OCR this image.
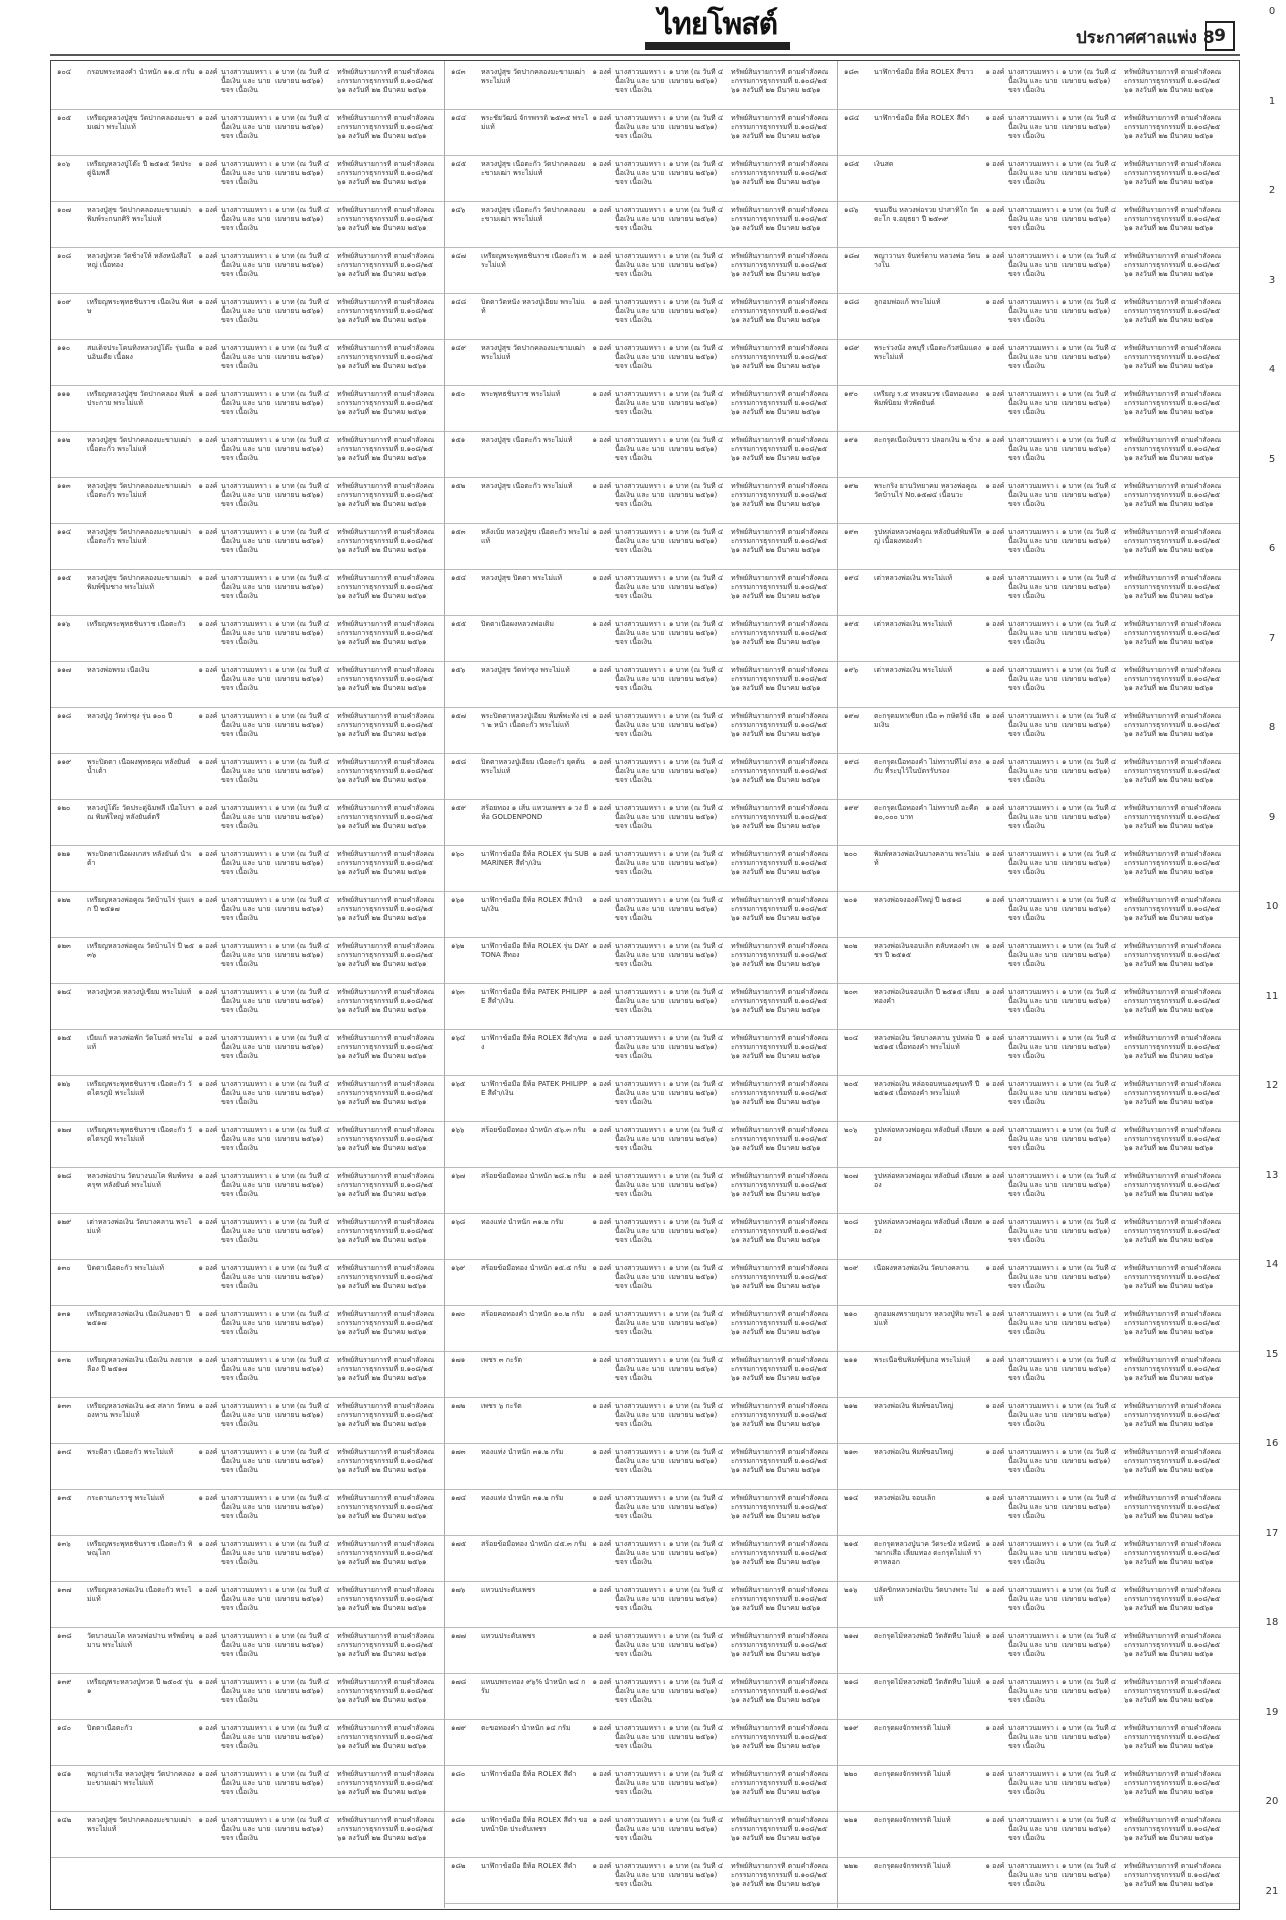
ไทยโพสต์	ประกาศศาลแพ่ง 8 9
0
1
2
3
4
5
6
7
8
9
10
11
12
13
14
15
16
17
18
19
20
21
๑๐๔	กรอบพระทองคำ น้ำหนัก ๑๑.๕ กรัม ๑ องค์ นางสาวนมหรา เนื้อเงิน และ นายขจร เนื้อเงิน
๑ บาท (ณ วันที่ ๔ เมษายน ๒๕๖๑)
ทรัพย์สินรายการที่ ตามคำสั่งคณะกรรมการธุรกรรมที่ ย.๑๐๘/๒๕๖๑ ลงวันที่ ๒๒ มีนาคม ๒๕๖๑
๑๐๕	เหรียญหลวงปู่สุข วัดปากคลองมะขามเฒ่า พระไม่แท้
๑ องค์ นางสาวนมหรา เนื้อเงิน และ นายขจร เนื้อเงิน
๑ บาท (ณ วันที่ ๔ เมษายน ๒๕๖๑)
ทรัพย์สินรายการที่ ตามคำสั่งคณะกรรมการธุรกรรมที่ ย.๑๐๘/๒๕๖๑ ลงวันที่ ๒๒ มีนาคม ๒๕๖๑
๑๐๖	เหรียญหลวงปู่โต๊ะ ปี ๒๕๑๕ วัดประดู่ฉิมพลี
๑ องค์ นางสาวนมหรา เนื้อเงิน และ นายขจร เนื้อเงิน
๑ บาท (ณ วันที่ ๔ เมษายน ๒๕๖๑)
ทรัพย์สินรายการที่ ตามคำสั่งคณะกรรมการธุรกรรมที่ ย.๑๐๘/๒๕๖๑ ลงวันที่ ๒๒ มีนาคม ๒๕๖๑
๑๐๗	หลวงปู่สุข วัดปากคลองมะขามเฒ่า พิมพ์ระกนกศิริ พระไม่แท้
๑ องค์ นางสาวนมหรา เนื้อเงิน และ นายขจร เนื้อเงิน
๑ บาท (ณ วันที่ ๔ เมษายน ๒๕๖๑)
ทรัพย์สินรายการที่ ตามคำสั่งคณะกรรมการธุรกรรมที่ ย.๑๐๘/๒๕๖๑ ลงวันที่ ๒๒ มีนาคม ๒๕๖๑
๑๐๘	หลวงปู่ทวด วัดช้างให้ หลังหนังสือใหญ่ เนื้อทอง
๑ องค์ นางสาวนมหรา เนื้อเงิน และ นายขจร เนื้อเงิน
๑ บาท (ณ วันที่ ๔ เมษายน ๒๕๖๑)
ทรัพย์สินรายการที่ ตามคำสั่งคณะกรรมการธุรกรรมที่ ย.๑๐๘/๒๕๖๑ ลงวันที่ ๒๒ มีนาคม ๒๕๖๑
๑๐๙	เหรียญพระพุทธชินราช เนื้อเงิน พิเศษ
๑ องค์ นางสาวนมหรา เนื้อเงิน และ นายขจร เนื้อเงิน
๑ บาท (ณ วันที่ ๔ เมษายน ๒๕๖๑)
ทรัพย์สินรายการที่ ตามคำสั่งคณะกรรมการธุรกรรมที่ ย.๑๐๘/๒๕๖๑ ลงวันที่ ๒๒ มีนาคม ๒๕๖๑
๑๑๐	สมเด็จประโคนทิ้งหลวงปู่โต๊ะ รุ่นเยือนอินเดีย เนื้อผง
๑ องค์ นางสาวนมหรา เนื้อเงิน และ นายขจร เนื้อเงิน
๑ บาท (ณ วันที่ ๔ เมษายน ๒๕๖๑)
ทรัพย์สินรายการที่ ตามคำสั่งคณะกรรมการธุรกรรมที่ ย.๑๐๘/๒๕๖๑ ลงวันที่ ๒๒ มีนาคม ๒๕๖๑
๑๑๑	เหรียญหลวงปู่สุข วัดปากคลอง พิมพ์ประกาย พระไม่แท้
๑ องค์ นางสาวนมหรา เนื้อเงิน และ นายขจร เนื้อเงิน
๑ บาท (ณ วันที่ ๔ เมษายน ๒๕๖๑)
ทรัพย์สินรายการที่ ตามคำสั่งคณะกรรมการธุรกรรมที่ ย.๑๐๘/๒๕๖๑ ลงวันที่ ๒๒ มีนาคม ๒๕๖๑
๑๑๒	หลวงปู่สุข วัดปากคลองมะขามเฒ่า เนื้อตะกั่ว พระไม่แท้
๑ องค์ นางสาวนมหรา เนื้อเงิน และ นายขจร เนื้อเงิน
๑ บาท (ณ วันที่ ๔ เมษายน ๒๕๖๑)
ทรัพย์สินรายการที่ ตามคำสั่งคณะกรรมการธุรกรรมที่ ย.๑๐๘/๒๕๖๑ ลงวันที่ ๒๒ มีนาคม ๒๕๖๑
๑๑๓	หลวงปู่สุข วัดปากคลองมะขามเฒ่า เนื้อตะกั่ว พระไม่แท้
๑ องค์ นางสาวนมหรา เนื้อเงิน และ นายขจร เนื้อเงิน
๑ บาท (ณ วันที่ ๔ เมษายน ๒๕๖๑)
ทรัพย์สินรายการที่ ตามคำสั่งคณะกรรมการธุรกรรมที่ ย.๑๐๘/๒๕๖๑ ลงวันที่ ๒๒ มีนาคม ๒๕๖๑
๑๑๔	หลวงปู่สุข วัดปากคลองมะขามเฒ่า เนื้อตะกั่ว พระไม่แท้
๑ องค์ นางสาวนมหรา เนื้อเงิน และ นายขจร เนื้อเงิน
๑ บาท (ณ วันที่ ๔ เมษายน ๒๕๖๑)
ทรัพย์สินรายการที่ ตามคำสั่งคณะกรรมการธุรกรรมที่ ย.๑๐๘/๒๕๖๑ ลงวันที่ ๒๒ มีนาคม ๒๕๖๑
๑๑๕	หลวงปู่สุข วัดปากคลองมะขามเฒ่า พิมพ์ซุ้มชาง พระไม่แท้
๑ องค์ นางสาวนมหรา เนื้อเงิน และ นายขจร เนื้อเงิน
๑ บาท (ณ วันที่ ๔ เมษายน ๒๕๖๑)
ทรัพย์สินรายการที่ ตามคำสั่งคณะกรรมการธุรกรรมที่ ย.๑๐๘/๒๕๖๑ ลงวันที่ ๒๒ มีนาคม ๒๕๖๑
๑๑๖	เหรียญพระพุทธชินราช เนื้อตะกั่ว	๑ องค์ นางสาวนมหรา เนื้อเงิน และ นายขจร เนื้อเงิน
๑ บาท (ณ วันที่ ๔ เมษายน ๒๕๖๑)
ทรัพย์สินรายการที่ ตามคำสั่งคณะกรรมการธุรกรรมที่ ย.๑๐๘/๒๕๖๑ ลงวันที่ ๒๒ มีนาคม ๒๕๖๑
๑๑๗	หลวงพ่อพรม เนื้อเงิน	๑ องค์ นางสาวนมหรา เนื้อเงิน และ นายขจร เนื้อเงิน
๑ บาท (ณ วันที่ ๔ เมษายน ๒๕๖๑)
ทรัพย์สินรายการที่ ตามคำสั่งคณะกรรมการธุรกรรมที่ ย.๑๐๘/๒๕๖๑ ลงวันที่ ๒๒ มีนาคม ๒๕๖๑
๑๑๘	หลวงปู่ภู วัดท่าซุง รุ่น ๑๐๐ ปี	๑ องค์ นางสาวนมหรา เนื้อเงิน และ นายขจร เนื้อเงิน
๑ บาท (ณ วันที่ ๔ เมษายน ๒๕๖๑)
ทรัพย์สินรายการที่ ตามคำสั่งคณะกรรมการธุรกรรมที่ ย.๑๐๘/๒๕๖๑ ลงวันที่ ๒๒ มีนาคม ๒๕๖๑
๑๑๙	พระปิดตา เนื้อผงพุทธคุณ หลังยันต์ น้ำเต้า
๑ องค์ นางสาวนมหรา เนื้อเงิน และ นายขจร เนื้อเงิน
๑ บาท (ณ วันที่ ๔ เมษายน ๒๕๖๑)
ทรัพย์สินรายการที่ ตามคำสั่งคณะกรรมการธุรกรรมที่ ย.๑๐๘/๒๕๖๑ ลงวันที่ ๒๒ มีนาคม ๒๕๖๑
๑๒๐	หลวงปู่โต๊ะ วัดประดู่ฉิมพลี เนื้อโบราณ พิมพ์ใหญ่ หลังยันต์ตรี
๑ องค์ นางสาวนมหรา เนื้อเงิน และ นายขจร เนื้อเงิน
๑ บาท (ณ วันที่ ๔ เมษายน ๒๕๖๑)
ทรัพย์สินรายการที่ ตามคำสั่งคณะกรรมการธุรกรรมที่ ย.๑๐๘/๒๕๖๑ ลงวันที่ ๒๒ มีนาคม ๒๕๖๑
๑๒๑	พระปิดตาเนื้อผงเกสร หลังยันต์ น้ำเต้า
๑ องค์ นางสาวนมหรา เนื้อเงิน และ นายขจร เนื้อเงิน
๑ บาท (ณ วันที่ ๔ เมษายน ๒๕๖๑)
ทรัพย์สินรายการที่ ตามคำสั่งคณะกรรมการธุรกรรมที่ ย.๑๐๘/๒๕๖๑ ลงวันที่ ๒๒ มีนาคม ๒๕๖๑
๑๒๒	เหรียญหลวงพ่อคูณ วัดบ้านไร่ รุ่นแรก ปี ๒๕๑๗
๑ องค์ นางสาวนมหรา เนื้อเงิน และ นายขจร เนื้อเงิน
๑ บาท (ณ วันที่ ๔ เมษายน ๒๕๖๑)
ทรัพย์สินรายการที่ ตามคำสั่งคณะกรรมการธุรกรรมที่ ย.๑๐๘/๒๕๖๑ ลงวันที่ ๒๒ มีนาคม ๒๕๖๑
๑๒๓	เหรียญหลวงพ่อคูณ วัดบ้านไร่ ปี ๒๕๓๖
๑ องค์ นางสาวนมหรา เนื้อเงิน และ นายขจร เนื้อเงิน
๑ บาท (ณ วันที่ ๔ เมษายน ๒๕๖๑)
ทรัพย์สินรายการที่ ตามคำสั่งคณะกรรมการธุรกรรมที่ ย.๑๐๘/๒๕๖๑ ลงวันที่ ๒๒ มีนาคม ๒๕๖๑
๑๒๔	หลวงปู่ทวด หลวงปู่เขียม พระไม่แท้	๑ องค์ นางสาวนมหรา เนื้อเงิน และ นายขจร เนื้อเงิน
๑ บาท (ณ วันที่ ๔ เมษายน ๒๕๖๑)
ทรัพย์สินรายการที่ ตามคำสั่งคณะกรรมการธุรกรรมที่ ย.๑๐๘/๒๕๖๑ ลงวันที่ ๒๒ มีนาคม ๒๕๖๑
๑๒๕	เบี้ยแก้ หลวงพ่อพัก วัดโบสถ์ พระไม่แท้
๑ องค์ นางสาวนมหรา เนื้อเงิน และ นายขจร เนื้อเงิน
๑ บาท (ณ วันที่ ๔ เมษายน ๒๕๖๑)
ทรัพย์สินรายการที่ ตามคำสั่งคณะกรรมการธุรกรรมที่ ย.๑๐๘/๒๕๖๑ ลงวันที่ ๒๒ มีนาคม ๒๕๖๑
๑๒๖	เหรียญพระพุทธชินราช เนื้อตะกั่ว วัดไตรภูมิ พระไม่แท้
๑ องค์ นางสาวนมหรา เนื้อเงิน และ นายขจร เนื้อเงิน
๑ บาท (ณ วันที่ ๔ เมษายน ๒๕๖๑)
ทรัพย์สินรายการที่ ตามคำสั่งคณะกรรมการธุรกรรมที่ ย.๑๐๘/๒๕๖๑ ลงวันที่ ๒๒ มีนาคม ๒๕๖๑
๑๒๗	เหรียญพระพุทธชินราช เนื้อตะกั่ว วัดไตรภูมิ พระไม่แท้
๑ องค์ นางสาวนมหรา เนื้อเงิน และ นายขจร เนื้อเงิน
๑ บาท (ณ วันที่ ๔ เมษายน ๒๕๖๑)
ทรัพย์สินรายการที่ ตามคำสั่งคณะกรรมการธุรกรรมที่ ย.๑๐๘/๒๕๖๑ ลงวันที่ ๒๒ มีนาคม ๒๕๖๑
๑๒๘	หลวงพ่อปาน วัดบางนมโค พิมพ์ทรงครุฑ หลังยันต์ พระไม่แท้
๑ องค์ นางสาวนมหรา เนื้อเงิน และ นายขจร เนื้อเงิน
๑ บาท (ณ วันที่ ๔ เมษายน ๒๕๖๑)
ทรัพย์สินรายการที่ ตามคำสั่งคณะกรรมการธุรกรรมที่ ย.๑๐๘/๒๕๖๑ ลงวันที่ ๒๒ มีนาคม ๒๕๖๑
๑๒๙	เต่าหลวงพ่อเงิน วัดบางคลาน พระไม่แท้
๑ องค์ นางสาวนมหรา เนื้อเงิน และ นายขจร เนื้อเงิน
๑ บาท (ณ วันที่ ๔ เมษายน ๒๕๖๑)
ทรัพย์สินรายการที่ ตามคำสั่งคณะกรรมการธุรกรรมที่ ย.๑๐๘/๒๕๖๑ ลงวันที่ ๒๒ มีนาคม ๒๕๖๑
๑๓๐	ปิดตาเนื้อตะกั่ว พระไม่แท้	๑ องค์ นางสาวนมหรา เนื้อเงิน และ นายขจร เนื้อเงิน
๑ บาท (ณ วันที่ ๔ เมษายน ๒๕๖๑)
ทรัพย์สินรายการที่ ตามคำสั่งคณะกรรมการธุรกรรมที่ ย.๑๐๘/๒๕๖๑ ลงวันที่ ๒๒ มีนาคม ๒๕๖๑
๑๓๑	เหรียญหลวงพ่อเงิน เนื้อเงินลงยา ปี ๒๕๑๗
๑ องค์ นางสาวนมหรา เนื้อเงิน และ นายขจร เนื้อเงิน
๑ บาท (ณ วันที่ ๔ เมษายน ๒๕๖๑)
ทรัพย์สินรายการที่ ตามคำสั่งคณะกรรมการธุรกรรมที่ ย.๑๐๘/๒๕๖๑ ลงวันที่ ๒๒ มีนาคม ๒๕๖๑
๑๓๒	เหรียญหลวงพ่อเงิน เนื้อเงิน ลงยาเหลือง ปี ๒๕๑๗
๑ องค์ นางสาวนมหรา เนื้อเงิน และ นายขจร เนื้อเงิน
๑ บาท (ณ วันที่ ๔ เมษายน ๒๕๖๑)
ทรัพย์สินรายการที่ ตามคำสั่งคณะกรรมการธุรกรรมที่ ย.๑๐๘/๒๕๖๑ ลงวันที่ ๒๒ มีนาคม ๒๕๖๑
๑๓๓	เหรียญหลวงพ่อเงิน ๑๕ สลาก วัดหนองหาน พระไม่แท้
๑ องค์ นางสาวนมหรา เนื้อเงิน และ นายขจร เนื้อเงิน
๑ บาท (ณ วันที่ ๔ เมษายน ๒๕๖๑)
ทรัพย์สินรายการที่ ตามคำสั่งคณะกรรมการธุรกรรมที่ ย.๑๐๘/๒๕๖๑ ลงวันที่ ๒๒ มีนาคม ๒๕๖๑
๑๓๔	พระผีลา เนื้อตะกั่ว พระไม่แท้	๑ องค์ นางสาวนมหรา เนื้อเงิน และ นายขจร เนื้อเงิน
๑ บาท (ณ วันที่ ๔ เมษายน ๒๕๖๑)
ทรัพย์สินรายการที่ ตามคำสั่งคณะกรรมการธุรกรรมที่ ย.๑๐๘/๒๕๖๑ ลงวันที่ ๒๒ มีนาคม ๒๕๖๑
๑๓๕	กระดานกะราชู พระไม่แท้	๑ องค์ นางสาวนมหรา เนื้อเงิน และ นายขจร เนื้อเงิน
๑ บาท (ณ วันที่ ๔ เมษายน ๒๕๖๑)
ทรัพย์สินรายการที่ ตามคำสั่งคณะกรรมการธุรกรรมที่ ย.๑๐๘/๒๕๖๑ ลงวันที่ ๒๒ มีนาคม ๒๕๖๑
๑๓๖	เหรียญพระพุทธชินราช เนื้อตะกั่ว พิษณุโลก
๑ องค์ นางสาวนมหรา เนื้อเงิน และ นายขจร เนื้อเงิน
๑ บาท (ณ วันที่ ๔ เมษายน ๒๕๖๑)
ทรัพย์สินรายการที่ ตามคำสั่งคณะกรรมการธุรกรรมที่ ย.๑๐๘/๒๕๖๑ ลงวันที่ ๒๒ มีนาคม ๒๕๖๑
๑๓๗	เหรียญหลวงพ่อเงิน เนื้อตะกั่ว พระไม่แท้
๑ องค์ นางสาวนมหรา เนื้อเงิน และ นายขจร เนื้อเงิน
๑ บาท (ณ วันที่ ๔ เมษายน ๒๕๖๑)
ทรัพย์สินรายการที่ ตามคำสั่งคณะกรรมการธุรกรรมที่ ย.๑๐๘/๒๕๖๑ ลงวันที่ ๒๒ มีนาคม ๒๕๖๑
๑๓๘	วัดบางนมโค หลวงพ่อปาน ทรัพย์หนุมาน พระไม่แท้
๑ องค์ นางสาวนมหรา เนื้อเงิน และ นายขจร เนื้อเงิน
๑ บาท (ณ วันที่ ๔ เมษายน ๒๕๖๑)
ทรัพย์สินรายการที่ ตามคำสั่งคณะกรรมการธุรกรรมที่ ย.๑๐๘/๒๕๖๑ ลงวันที่ ๒๒ มีนาคม ๒๕๖๑
๑๓๙	เหรียญพระหลวงปู่ทวด ปี ๒๕๐๕ รุ่น ๑
๑ องค์ นางสาวนมหรา เนื้อเงิน และ นายขจร เนื้อเงิน
๑ บาท (ณ วันที่ ๔ เมษายน ๒๕๖๑)
ทรัพย์สินรายการที่ ตามคำสั่งคณะกรรมการธุรกรรมที่ ย.๑๐๘/๒๕๖๑ ลงวันที่ ๒๒ มีนาคม ๒๕๖๑
๑๔๐	ปิดตาเนื้อตะกั่ว	๑ องค์ นางสาวนมหรา เนื้อเงิน และ นายขจร เนื้อเงิน
๑ บาท (ณ วันที่ ๔ เมษายน ๒๕๖๑)
ทรัพย์สินรายการที่ ตามคำสั่งคณะกรรมการธุรกรรมที่ ย.๑๐๘/๒๕๖๑ ลงวันที่ ๒๒ มีนาคม ๒๕๖๑
๑๔๑	พญาเต่าเรือ หลวงปู่สุข วัดปากคลองมะขามเฒ่า พระไม่แท้
๑ องค์ นางสาวนมหรา เนื้อเงิน และ นายขจร เนื้อเงิน
๑ บาท (ณ วันที่ ๔ เมษายน ๒๕๖๑)
ทรัพย์สินรายการที่ ตามคำสั่งคณะกรรมการธุรกรรมที่ ย.๑๐๘/๒๕๖๑ ลงวันที่ ๒๒ มีนาคม ๒๕๖๑
๑๔๒	หลวงปู่สุข วัดปากคลองมะขามเฒ่า พระไม่แท้
๑ องค์ นางสาวนมหรา เนื้อเงิน และ นายขจร เนื้อเงิน
๑ บาท (ณ วันที่ ๔ เมษายน ๒๕๖๑)
ทรัพย์สินรายการที่ ตามคำสั่งคณะกรรมการธุรกรรมที่ ย.๑๐๘/๒๕๖๑ ลงวันที่ ๒๒ มีนาคม ๒๕๖๑
๑๔๓	หลวงปู่สุข วัดปากคลองมะขามเฒ่า พระไม่แท้
๑ องค์ นางสาวนมหรา เนื้อเงิน และ นายขจร เนื้อเงิน
๑ บาท (ณ วันที่ ๔ เมษายน ๒๕๖๑)
ทรัพย์สินรายการที่ ตามคำสั่งคณะกรรมการธุรกรรมที่ ย.๑๐๘/๒๕๖๑ ลงวันที่ ๒๒ มีนาคม ๒๕๖๑
๑๔๔	พระชัยวัฒน์ จักรพรรดิ ๒๕๓๕ พระไม่แท้
๑ องค์ นางสาวนมหรา เนื้อเงิน และ นายขจร เนื้อเงิน
๑ บาท (ณ วันที่ ๔ เมษายน ๒๕๖๑)
ทรัพย์สินรายการที่ ตามคำสั่งคณะกรรมการธุรกรรมที่ ย.๑๐๘/๒๕๖๑ ลงวันที่ ๒๒ มีนาคม ๒๕๖๑
๑๔๕	หลวงปู่สุข เนื้อตะกั่ว วัดปากคลองมะขามเฒ่า พระไม่แท้
๑ องค์ นางสาวนมหรา เนื้อเงิน และ นายขจร เนื้อเงิน
๑ บาท (ณ วันที่ ๔ เมษายน ๒๕๖๑)
ทรัพย์สินรายการที่ ตามคำสั่งคณะกรรมการธุรกรรมที่ ย.๑๐๘/๒๕๖๑ ลงวันที่ ๒๒ มีนาคม ๒๕๖๑
๑๔๖	หลวงปู่สุข เนื้อตะกั่ว วัดปากคลองมะขามเฒ่า พระไม่แท้
๑ องค์ นางสาวนมหรา เนื้อเงิน และ นายขจร เนื้อเงิน
๑ บาท (ณ วันที่ ๔ เมษายน ๒๕๖๑)
ทรัพย์สินรายการที่ ตามคำสั่งคณะกรรมการธุรกรรมที่ ย.๑๐๘/๒๕๖๑ ลงวันที่ ๒๒ มีนาคม ๒๕๖๑
๑๔๗	เหรียญพระพุทธชินราช เนื้อตะกั่ว พระไม่แท้
๑ องค์ นางสาวนมหรา เนื้อเงิน และ นายขจร เนื้อเงิน
๑ บาท (ณ วันที่ ๔ เมษายน ๒๕๖๑)
ทรัพย์สินรายการที่ ตามคำสั่งคณะกรรมการธุรกรรมที่ ย.๑๐๘/๒๕๖๑ ลงวันที่ ๒๒ มีนาคม ๒๕๖๑
๑๔๘	ปิดตาวัดหนัง หลวงปู่เอี่ยม พระไม่แท้
๑ องค์ นางสาวนมหรา เนื้อเงิน และ นายขจร เนื้อเงิน
๑ บาท (ณ วันที่ ๔ เมษายน ๒๕๖๑)
ทรัพย์สินรายการที่ ตามคำสั่งคณะกรรมการธุรกรรมที่ ย.๑๐๘/๒๕๖๑ ลงวันที่ ๒๒ มีนาคม ๒๕๖๑
๑๔๙	หลวงปู่สุข วัดปากคลองมะขามเฒ่า พระไม่แท้
๑ องค์ นางสาวนมหรา เนื้อเงิน และ นายขจร เนื้อเงิน
๑ บาท (ณ วันที่ ๔ เมษายน ๒๕๖๑)
ทรัพย์สินรายการที่ ตามคำสั่งคณะกรรมการธุรกรรมที่ ย.๑๐๘/๒๕๖๑ ลงวันที่ ๒๒ มีนาคม ๒๕๖๑
๑๕๐	พระพุทธชินราช พระไม่แท้	๑ องค์ นางสาวนมหรา เนื้อเงิน และ นายขจร เนื้อเงิน
๑ บาท (ณ วันที่ ๔ เมษายน ๒๕๖๑)
ทรัพย์สินรายการที่ ตามคำสั่งคณะกรรมการธุรกรรมที่ ย.๑๐๘/๒๕๖๑ ลงวันที่ ๒๒ มีนาคม ๒๕๖๑
๑๕๑	หลวงปู่สุข เนื้อตะกั่ว พระไม่แท้	๑ องค์ นางสาวนมหรา เนื้อเงิน และ นายขจร เนื้อเงิน
๑ บาท (ณ วันที่ ๔ เมษายน ๒๕๖๑)
ทรัพย์สินรายการที่ ตามคำสั่งคณะกรรมการธุรกรรมที่ ย.๑๐๘/๒๕๖๑ ลงวันที่ ๒๒ มีนาคม ๒๕๖๑
๑๕๒	หลวงปู่สุข เนื้อตะกั่ว พระไม่แท้	๑ องค์ นางสาวนมหรา เนื้อเงิน และ นายขจร เนื้อเงิน
๑ บาท (ณ วันที่ ๔ เมษายน ๒๕๖๑)
ทรัพย์สินรายการที่ ตามคำสั่งคณะกรรมการธุรกรรมที่ ย.๑๐๘/๒๕๖๑ ลงวันที่ ๒๒ มีนาคม ๒๕๖๑
๑๕๓	หลังเบ้ย หลวงปู่สุข เนื้อตะกั่ว พระไม่แท้
๑ องค์ นางสาวนมหรา เนื้อเงิน และ นายขจร เนื้อเงิน
๑ บาท (ณ วันที่ ๔ เมษายน ๒๕๖๑)
ทรัพย์สินรายการที่ ตามคำสั่งคณะกรรมการธุรกรรมที่ ย.๑๐๘/๒๕๖๑ ลงวันที่ ๒๒ มีนาคม ๒๕๖๑
๑๕๔	หลวงปู่สุข ปิดตา พระไม่แท้	๑ องค์ นางสาวนมหรา เนื้อเงิน และ นายขจร เนื้อเงิน
๑ บาท (ณ วันที่ ๔ เมษายน ๒๕๖๑)
ทรัพย์สินรายการที่ ตามคำสั่งคณะกรรมการธุรกรรมที่ ย.๑๐๘/๒๕๖๑ ลงวันที่ ๒๒ มีนาคม ๒๕๖๑
๑๕๕	ปิดตาเนื้อผงหลวงพ่อเดิม	๑ องค์ นางสาวนมหรา เนื้อเงิน และ นายขจร เนื้อเงิน
๑ บาท (ณ วันที่ ๔ เมษายน ๒๕๖๑)
ทรัพย์สินรายการที่ ตามคำสั่งคณะกรรมการธุรกรรมที่ ย.๑๐๘/๒๕๖๑ ลงวันที่ ๒๒ มีนาคม ๒๕๖๑
๑๕๖	หลวงปู่สุข วัดท่าซุง พระไม่แท้	๑ องค์ นางสาวนมหรา เนื้อเงิน และ นายขจร เนื้อเงิน
๑ บาท (ณ วันที่ ๔ เมษายน ๒๕๖๑)
ทรัพย์สินรายการที่ ตามคำสั่งคณะกรรมการธุรกรรมที่ ย.๑๐๘/๒๕๖๑ ลงวันที่ ๒๒ มีนาคม ๒๕๖๑
๑๕๗	พระปิดตาหลวงปู่เอี่ยม พิมพ์พะทั่ง เข่า ๒ หน้า เนื้อตะกั่ว พระไม่แท้
๑ องค์ นางสาวนมหรา เนื้อเงิน และ นายขจร เนื้อเงิน
๑ บาท (ณ วันที่ ๔ เมษายน ๒๕๖๑)
ทรัพย์สินรายการที่ ตามคำสั่งคณะกรรมการธุรกรรมที่ ย.๑๐๘/๒๕๖๑ ลงวันที่ ๒๒ มีนาคม ๒๕๖๑
๑๕๘	ปิดตาหลวงปู่เอี่ยม เนื้อตะกั่ว ยุคต้น พระไม่แท้
๑ องค์ นางสาวนมหรา เนื้อเงิน และ นายขจร เนื้อเงิน
๑ บาท (ณ วันที่ ๔ เมษายน ๒๕๖๑)
ทรัพย์สินรายการที่ ตามคำสั่งคณะกรรมการธุรกรรมที่ ย.๑๐๘/๒๕๖๑ ลงวันที่ ๒๒ มีนาคม ๒๕๖๑
๑๕๙	สร้อยทอง ๑ เส้น แหวนเพชร ๑ วง ยี่ห้อ GOLDENPOND
๑ องค์ นางสาวนมหรา เนื้อเงิน และ นายขจร เนื้อเงิน
๑ บาท (ณ วันที่ ๔ เมษายน ๒๕๖๑)
ทรัพย์สินรายการที่ ตามคำสั่งคณะกรรมการธุรกรรมที่ ย.๑๐๘/๒๕๖๑ ลงวันที่ ๒๒ มีนาคม ๒๕๖๑
๑๖๐	นาฬิกาข้อมือ ยี่ห้อ ROLEX รุ่น SUBMARINER สีดำ/เงิน
๑ องค์ นางสาวนมหรา เนื้อเงิน และ นายขจร เนื้อเงิน
๑ บาท (ณ วันที่ ๔ เมษายน ๒๕๖๑)
ทรัพย์สินรายการที่ ตามคำสั่งคณะกรรมการธุรกรรมที่ ย.๑๐๘/๒๕๖๑ ลงวันที่ ๒๒ มีนาคม ๒๕๖๑
๑๖๑	นาฬิกาข้อมือ ยี่ห้อ ROLEX สีน้ำเงิน/เงิน
๑ องค์ นางสาวนมหรา เนื้อเงิน และ นายขจร เนื้อเงิน
๑ บาท (ณ วันที่ ๔ เมษายน ๒๕๖๑)
ทรัพย์สินรายการที่ ตามคำสั่งคณะกรรมการธุรกรรมที่ ย.๑๐๘/๒๕๖๑ ลงวันที่ ๒๒ มีนาคม ๒๕๖๑
๑๖๒	นาฬิกาข้อมือ ยี่ห้อ ROLEX รุ่น DAYTONA สีทอง
๑ องค์ นางสาวนมหรา เนื้อเงิน และ นายขจร เนื้อเงิน
๑ บาท (ณ วันที่ ๔ เมษายน ๒๕๖๑)
ทรัพย์สินรายการที่ ตามคำสั่งคณะกรรมการธุรกรรมที่ ย.๑๐๘/๒๕๖๑ ลงวันที่ ๒๒ มีนาคม ๒๕๖๑
๑๖๓	นาฬิกาข้อมือ ยี่ห้อ PATEK PHILIPPE สีดำ/เงิน
๑ องค์ นางสาวนมหรา เนื้อเงิน และ นายขจร เนื้อเงิน
๑ บาท (ณ วันที่ ๔ เมษายน ๒๕๖๑)
ทรัพย์สินรายการที่ ตามคำสั่งคณะกรรมการธุรกรรมที่ ย.๑๐๘/๒๕๖๑ ลงวันที่ ๒๒ มีนาคม ๒๕๖๑
๑๖๔	นาฬิกาข้อมือ ยี่ห้อ ROLEX สีดำ/ทอง
๑ องค์ นางสาวนมหรา เนื้อเงิน และ นายขจร เนื้อเงิน
๑ บาท (ณ วันที่ ๔ เมษายน ๒๕๖๑)
ทรัพย์สินรายการที่ ตามคำสั่งคณะกรรมการธุรกรรมที่ ย.๑๐๘/๒๕๖๑ ลงวันที่ ๒๒ มีนาคม ๒๕๖๑
๑๖๕	นาฬิกาข้อมือ ยี่ห้อ PATEK PHILIPPE สีดำ/เงิน
๑ องค์ นางสาวนมหรา เนื้อเงิน และ นายขจร เนื้อเงิน
๑ บาท (ณ วันที่ ๔ เมษายน ๒๕๖๑)
ทรัพย์สินรายการที่ ตามคำสั่งคณะกรรมการธุรกรรมที่ ย.๑๐๘/๒๕๖๑ ลงวันที่ ๒๒ มีนาคม ๒๕๖๑
๑๖๖	สร้อยข้อมือทอง น้ำหนัก ๕๖.๓ กรัม ๑ องค์ นางสาวนมหรา เนื้อเงิน และ นายขจร เนื้อเงิน
๑ บาท (ณ วันที่ ๔ เมษายน ๒๕๖๑)
ทรัพย์สินรายการที่ ตามคำสั่งคณะกรรมการธุรกรรมที่ ย.๑๐๘/๒๕๖๑ ลงวันที่ ๒๒ มีนาคม ๒๕๖๑
๑๖๗	สร้อยข้อมือทอง น้ำหนัก ๒๘.๒ กรัม ๑ องค์ นางสาวนมหรา เนื้อเงิน และ นายขจร เนื้อเงิน
๑ บาท (ณ วันที่ ๔ เมษายน ๒๕๖๑)
ทรัพย์สินรายการที่ ตามคำสั่งคณะกรรมการธุรกรรมที่ ย.๑๐๘/๒๕๖๑ ลงวันที่ ๒๒ มีนาคม ๒๕๖๑
๑๖๘	ทองแท่ง น้ำหนัก ๓๑.๒ กรัม	๑ องค์ นางสาวนมหรา เนื้อเงิน และ นายขจร เนื้อเงิน
๑ บาท (ณ วันที่ ๔ เมษายน ๒๕๖๑)
ทรัพย์สินรายการที่ ตามคำสั่งคณะกรรมการธุรกรรมที่ ย.๑๐๘/๒๕๖๑ ลงวันที่ ๒๒ มีนาคม ๒๕๖๑
๑๖๙	สร้อยข้อมือทอง น้ำหนัก ๑๕.๕ กรัม ๑ องค์ นางสาวนมหรา เนื้อเงิน และ นายขจร เนื้อเงิน
๑ บาท (ณ วันที่ ๔ เมษายน ๒๕๖๑)
ทรัพย์สินรายการที่ ตามคำสั่งคณะกรรมการธุรกรรมที่ ย.๑๐๘/๒๕๖๑ ลงวันที่ ๒๒ มีนาคม ๒๕๖๑
๑๗๐	สร้อยคอทองคำ น้ำหนัก ๑๐.๒ กรัม	๑ องค์ นางสาวนมหรา เนื้อเงิน และ นายขจร เนื้อเงิน
๑ บาท (ณ วันที่ ๔ เมษายน ๒๕๖๑)
ทรัพย์สินรายการที่ ตามคำสั่งคณะกรรมการธุรกรรมที่ ย.๑๐๘/๒๕๖๑ ลงวันที่ ๒๒ มีนาคม ๒๕๖๑
๑๗๑	เพชร ๓ กะรัต	๑ องค์ นางสาวนมหรา เนื้อเงิน และ นายขจร เนื้อเงิน
๑ บาท (ณ วันที่ ๔ เมษายน ๒๕๖๑)
ทรัพย์สินรายการที่ ตามคำสั่งคณะกรรมการธุรกรรมที่ ย.๑๐๘/๒๕๖๑ ลงวันที่ ๒๒ มีนาคม ๒๕๖๑
๑๗๒	เพชร ๖ กะรัต	๑ องค์ นางสาวนมหรา เนื้อเงิน และ นายขจร เนื้อเงิน
๑ บาท (ณ วันที่ ๔ เมษายน ๒๕๖๑)
ทรัพย์สินรายการที่ ตามคำสั่งคณะกรรมการธุรกรรมที่ ย.๑๐๘/๒๕๖๑ ลงวันที่ ๒๒ มีนาคม ๒๕๖๑
๑๗๓	ทองแท่ง น้ำหนัก ๓๑.๒ กรัม	๑ องค์ นางสาวนมหรา เนื้อเงิน และ นายขจร เนื้อเงิน
๑ บาท (ณ วันที่ ๔ เมษายน ๒๕๖๑)
ทรัพย์สินรายการที่ ตามคำสั่งคณะกรรมการธุรกรรมที่ ย.๑๐๘/๒๕๖๑ ลงวันที่ ๒๒ มีนาคม ๒๕๖๑
๑๗๔	ทองแท่ง น้ำหนัก ๓๑.๒ กรัม	๑ องค์ นางสาวนมหรา เนื้อเงิน และ นายขจร เนื้อเงิน
๑ บาท (ณ วันที่ ๔ เมษายน ๒๕๖๑)
ทรัพย์สินรายการที่ ตามคำสั่งคณะกรรมการธุรกรรมที่ ย.๑๐๘/๒๕๖๑ ลงวันที่ ๒๒ มีนาคม ๒๕๖๑
๑๗๕	สร้อยข้อมือทอง น้ำหนัก ๔๕.๓ กรัม ๑ องค์ นางสาวนมหรา เนื้อเงิน และ นายขจร เนื้อเงิน
๑ บาท (ณ วันที่ ๔ เมษายน ๒๕๖๑)
ทรัพย์สินรายการที่ ตามคำสั่งคณะกรรมการธุรกรรมที่ ย.๑๐๘/๒๕๖๑ ลงวันที่ ๒๒ มีนาคม ๒๕๖๑
๑๗๖	แหวนประดับเพชร	๑ องค์ นางสาวนมหรา เนื้อเงิน และ นายขจร เนื้อเงิน
๑ บาท (ณ วันที่ ๔ เมษายน ๒๕๖๑)
ทรัพย์สินรายการที่ ตามคำสั่งคณะกรรมการธุรกรรมที่ ย.๑๐๘/๒๕๖๑ ลงวันที่ ๒๒ มีนาคม ๒๕๖๑
๑๗๗	แหวนประดับเพชร	๑ องค์ นางสาวนมหรา เนื้อเงิน และ นายขจร เนื้อเงิน
๑ บาท (ณ วันที่ ๔ เมษายน ๒๕๖๑)
ทรัพย์สินรายการที่ ตามคำสั่งคณะกรรมการธุรกรรมที่ ย.๑๐๘/๒๕๖๑ ลงวันที่ ๒๒ มีนาคม ๒๕๖๑
๑๗๘	แหนบพระทอง ๙๖% น้ำหนัก ๒๔ กรัม
๑ องค์ นางสาวนมหรา เนื้อเงิน และ นายขจร เนื้อเงิน
๑ บาท (ณ วันที่ ๔ เมษายน ๒๕๖๑)
ทรัพย์สินรายการที่ ตามคำสั่งคณะกรรมการธุรกรรมที่ ย.๑๐๘/๒๕๖๑ ลงวันที่ ๒๒ มีนาคม ๒๕๖๑
๑๗๙	ตะขอทองคำ น้ำหนัก ๑๔ กรัม	๑ องค์ นางสาวนมหรา เนื้อเงิน และ นายขจร เนื้อเงิน
๑ บาท (ณ วันที่ ๔ เมษายน ๒๕๖๑)
ทรัพย์สินรายการที่ ตามคำสั่งคณะกรรมการธุรกรรมที่ ย.๑๐๘/๒๕๖๑ ลงวันที่ ๒๒ มีนาคม ๒๕๖๑
๑๘๐	นาฬิกาข้อมือ ยี่ห้อ ROLEX สีดำ	๑ องค์ นางสาวนมหรา เนื้อเงิน และ นายขจร เนื้อเงิน
๑ บาท (ณ วันที่ ๔ เมษายน ๒๕๖๑)
ทรัพย์สินรายการที่ ตามคำสั่งคณะกรรมการธุรกรรมที่ ย.๑๐๘/๒๕๖๑ ลงวันที่ ๒๒ มีนาคม ๒๕๖๑
๑๘๑	นาฬิกาข้อมือ ยี่ห้อ ROLEX สีดำ ขอบหน้าปัด ประดับเพชร
๑ องค์ นางสาวนมหรา เนื้อเงิน และ นายขจร เนื้อเงิน
๑ บาท (ณ วันที่ ๔ เมษายน ๒๕๖๑)
ทรัพย์สินรายการที่ ตามคำสั่งคณะกรรมการธุรกรรมที่ ย.๑๐๘/๒๕๖๑ ลงวันที่ ๒๒ มีนาคม ๒๕๖๑
๑๘๒	นาฬิกาข้อมือ ยี่ห้อ ROLEX สีดำ	๑ องค์ นางสาวนมหรา เนื้อเงิน และ นายขจร เนื้อเงิน
๑ บาท (ณ วันที่ ๔ เมษายน ๒๕๖๑)
ทรัพย์สินรายการที่ ตามคำสั่งคณะกรรมการธุรกรรมที่ ย.๑๐๘/๒๕๖๑ ลงวันที่ ๒๒ มีนาคม ๒๕๖๑
๑๘๓	นาฬิกาข้อมือ ยี่ห้อ ROLEX สีขาว	๑ องค์ นางสาวนมหรา เนื้อเงิน และ นายขจร เนื้อเงิน
๑ บาท (ณ วันที่ ๔ เมษายน ๒๕๖๑)
ทรัพย์สินรายการที่ ตามคำสั่งคณะกรรมการธุรกรรมที่ ย.๑๐๘/๒๕๖๑ ลงวันที่ ๒๒ มีนาคม ๒๕๖๑
๑๘๔	นาฬิกาข้อมือ ยี่ห้อ ROLEX สีดำ	๑ องค์ นางสาวนมหรา เนื้อเงิน และ นายขจร เนื้อเงิน
๑ บาท (ณ วันที่ ๔ เมษายน ๒๕๖๑)
ทรัพย์สินรายการที่ ตามคำสั่งคณะกรรมการธุรกรรมที่ ย.๑๐๘/๒๕๖๑ ลงวันที่ ๒๒ มีนาคม ๒๕๖๑
๑๘๕	เงินสด	๑ องค์ นางสาวนมหรา เนื้อเงิน และ นายขจร เนื้อเงิน
๑ บาท (ณ วันที่ ๔ เมษายน ๒๕๖๑)
ทรัพย์สินรายการที่ ตามคำสั่งคณะกรรมการธุรกรรมที่ ย.๑๐๘/๒๕๖๑ ลงวันที่ ๒๒ มีนาคม ๒๕๖๑
๑๘๖	ขนมจีน หลวงพ่อรวย ปาสาทิโก วัดตะโก จ.อยุธยา ปี ๒๕๓๙
๑ องค์ นางสาวนมหรา เนื้อเงิน และ นายขจร เนื้อเงิน
๑ บาท (ณ วันที่ ๔ เมษายน ๒๕๖๑)
ทรัพย์สินรายการที่ ตามคำสั่งคณะกรรมการธุรกรรมที่ ย.๑๐๘/๒๕๖๑ ลงวันที่ ๒๒ มีนาคม ๒๕๖๑
๑๘๗	พญาวานร จันทร์ดาบ หลวงพ่อ วัดนางใน
๑ องค์ นางสาวนมหรา เนื้อเงิน และ นายขจร เนื้อเงิน
๑ บาท (ณ วันที่ ๔ เมษายน ๒๕๖๑)
ทรัพย์สินรายการที่ ตามคำสั่งคณะกรรมการธุรกรรมที่ ย.๑๐๘/๒๕๖๑ ลงวันที่ ๒๒ มีนาคม ๒๕๖๑
๑๘๘	ลูกอมพ่อแก้ พระไม่แท้	๑ องค์ นางสาวนมหรา เนื้อเงิน และ นายขจร เนื้อเงิน
๑ บาท (ณ วันที่ ๔ เมษายน ๒๕๖๑)
ทรัพย์สินรายการที่ ตามคำสั่งคณะกรรมการธุรกรรมที่ ย.๑๐๘/๒๕๖๑ ลงวันที่ ๒๒ มีนาคม ๒๕๖๑
๑๘๙	พระร่วงนั่ง ลพบุรี เนื้อตะกั่วสนิมแดง พระไม่แท้
๑ องค์ นางสาวนมหรา เนื้อเงิน และ นายขจร เนื้อเงิน
๑ บาท (ณ วันที่ ๔ เมษายน ๒๕๖๑)
ทรัพย์สินรายการที่ ตามคำสั่งคณะกรรมการธุรกรรมที่ ย.๑๐๘/๒๕๖๑ ลงวันที่ ๒๒ มีนาคม ๒๕๖๑
๑๙๐	เหรียญ ร.๕ ทรงผนวช เนื้อทองแดง พิมพ์นิยม หัวพัดยันต์
๑ องค์ นางสาวนมหรา เนื้อเงิน และ นายขจร เนื้อเงิน
๑ บาท (ณ วันที่ ๔ เมษายน ๒๕๖๑)
ทรัพย์สินรายการที่ ตามคำสั่งคณะกรรมการธุรกรรมที่ ย.๑๐๘/๒๕๖๑ ลงวันที่ ๒๒ มีนาคม ๒๕๖๑
๑๙๑	ตะกรุดเนื้อเงินขาว ปลอกเงิน ๒ ข้าง ๑ องค์ นางสาวนมหรา เนื้อเงิน และ นายขจร เนื้อเงิน
๑ บาท (ณ วันที่ ๔ เมษายน ๒๕๖๑)
ทรัพย์สินรายการที่ ตามคำสั่งคณะกรรมการธุรกรรมที่ ย.๑๐๘/๒๕๖๑ ลงวันที่ ๒๒ มีนาคม ๒๕๖๑
๑๙๒	พระกริ่ง ยานวิทยาคม หลวงพ่อคูณ วัดบ้านไร่ No.๑๕๗๔ เนื้อนวะ
๑ องค์ นางสาวนมหรา เนื้อเงิน และ นายขจร เนื้อเงิน
๑ บาท (ณ วันที่ ๔ เมษายน ๒๕๖๑)
ทรัพย์สินรายการที่ ตามคำสั่งคณะกรรมการธุรกรรมที่ ย.๑๐๘/๒๕๖๑ ลงวันที่ ๒๒ มีนาคม ๒๕๖๑
๑๙๓	รูปหล่อหลวงพ่อคูณ หลังยันต์พิมพ์ใหญ่ เนื้อผงทองคำ
๑ องค์ นางสาวนมหรา เนื้อเงิน และ นายขจร เนื้อเงิน
๑ บาท (ณ วันที่ ๔ เมษายน ๒๕๖๑)
ทรัพย์สินรายการที่ ตามคำสั่งคณะกรรมการธุรกรรมที่ ย.๑๐๘/๒๕๖๑ ลงวันที่ ๒๒ มีนาคม ๒๕๖๑
๑๙๔	เต่าหลวงพ่อเงิน พระไม่แท้	๑ องค์ นางสาวนมหรา เนื้อเงิน และ นายขจร เนื้อเงิน
๑ บาท (ณ วันที่ ๔ เมษายน ๒๕๖๑)
ทรัพย์สินรายการที่ ตามคำสั่งคณะกรรมการธุรกรรมที่ ย.๑๐๘/๒๕๖๑ ลงวันที่ ๒๒ มีนาคม ๒๕๖๑
๑๙๕	เต่าหลวงพ่อเงิน พระไม่แท้	๑ องค์ นางสาวนมหรา เนื้อเงิน และ นายขจร เนื้อเงิน
๑ บาท (ณ วันที่ ๔ เมษายน ๒๕๖๑)
ทรัพย์สินรายการที่ ตามคำสั่งคณะกรรมการธุรกรรมที่ ย.๑๐๘/๒๕๖๑ ลงวันที่ ๒๒ มีนาคม ๒๕๖๑
๑๙๖	เต่าหลวงพ่อเงิน พระไม่แท้	๑ องค์ นางสาวนมหรา เนื้อเงิน และ นายขจร เนื้อเงิน
๑ บาท (ณ วันที่ ๔ เมษายน ๒๕๖๑)
ทรัพย์สินรายการที่ ตามคำสั่งคณะกรรมการธุรกรรมที่ ย.๑๐๘/๒๕๖๑ ลงวันที่ ๒๒ มีนาคม ๒๕๖๑
๑๙๗	ตะกรุดมหาเซียก เนื้อ ๓ กษัตริย์ เลี่ยมเงิน
๑ องค์ นางสาวนมหรา เนื้อเงิน และ นายขจร เนื้อเงิน
๑ บาท (ณ วันที่ ๔ เมษายน ๒๕๖๑)
ทรัพย์สินรายการที่ ตามคำสั่งคณะกรรมการธุรกรรมที่ ย.๑๐๘/๒๕๖๑ ลงวันที่ ๒๒ มีนาคม ๒๕๖๑
๑๙๘	ตะกรุดเนื้อทองคำ ไม่ทราบที่ไม่ ตรงกับ ที่ระบุไว้ในบัตรรับรอง
๑ องค์ นางสาวนมหรา เนื้อเงิน และ นายขจร เนื้อเงิน
๑ บาท (ณ วันที่ ๔ เมษายน ๒๕๖๑)
ทรัพย์สินรายการที่ ตามคำสั่งคณะกรรมการธุรกรรมที่ ย.๑๐๘/๒๕๖๑ ลงวันที่ ๒๒ มีนาคม ๒๕๖๑
๑๙๙	ตะกรุดเนื้อทองคำ ไม่ทราบที่ อะคีด ๑๐,๐๐๐ บาท
๑ องค์ นางสาวนมหรา เนื้อเงิน และ นายขจร เนื้อเงิน
๑ บาท (ณ วันที่ ๔ เมษายน ๒๕๖๑)
ทรัพย์สินรายการที่ ตามคำสั่งคณะกรรมการธุรกรรมที่ ย.๑๐๘/๒๕๖๑ ลงวันที่ ๒๒ มีนาคม ๒๕๖๑
๒๐๐	พิมพ์หลวงพ่อเงินบางคลาน พระไม่แท้
๑ องค์ นางสาวนมหรา เนื้อเงิน และ นายขจร เนื้อเงิน
๑ บาท (ณ วันที่ ๔ เมษายน ๒๕๖๑)
ทรัพย์สินรายการที่ ตามคำสั่งคณะกรรมการธุรกรรมที่ ย.๑๐๘/๒๕๖๑ ลงวันที่ ๒๒ มีนาคม ๒๕๖๑
๒๐๑	หลวงพ่อจงองค์ใหญ่ ปี ๒๕๑๘	๑ องค์ นางสาวนมหรา เนื้อเงิน และ นายขจร เนื้อเงิน
๑ บาท (ณ วันที่ ๔ เมษายน ๒๕๖๑)
ทรัพย์สินรายการที่ ตามคำสั่งคณะกรรมการธุรกรรมที่ ย.๑๐๘/๒๕๖๑ ลงวันที่ ๒๒ มีนาคม ๒๕๖๑
๒๐๒	หลวงพ่อเงินจอบเล็ก ตลับทองคำ เพชร ปี ๒๕๑๕
๑ องค์ นางสาวนมหรา เนื้อเงิน และ นายขจร เนื้อเงิน
๑ บาท (ณ วันที่ ๔ เมษายน ๒๕๖๑)
ทรัพย์สินรายการที่ ตามคำสั่งคณะกรรมการธุรกรรมที่ ย.๑๐๘/๒๕๖๑ ลงวันที่ ๒๒ มีนาคม ๒๕๖๑
๒๐๓	หลวงพ่อเงินจอบเล็ก ปี ๒๕๑๕ เลี่ยมทองคำ
๑ องค์ นางสาวนมหรา เนื้อเงิน และ นายขจร เนื้อเงิน
๑ บาท (ณ วันที่ ๔ เมษายน ๒๕๖๑)
ทรัพย์สินรายการที่ ตามคำสั่งคณะกรรมการธุรกรรมที่ ย.๑๐๘/๒๕๖๑ ลงวันที่ ๒๒ มีนาคม ๒๕๖๑
๒๐๔	หลวงพ่อเงิน วัดบางคลาน รูปหล่อ ปี ๒๕๑๕ เนื้อทองคำ พระไม่แท้
๑ องค์ นางสาวนมหรา เนื้อเงิน และ นายขจร เนื้อเงิน
๑ บาท (ณ วันที่ ๔ เมษายน ๒๕๖๑)
ทรัพย์สินรายการที่ ตามคำสั่งคณะกรรมการธุรกรรมที่ ย.๑๐๘/๒๕๖๑ ลงวันที่ ๒๒ มีนาคม ๒๕๖๑
๒๐๕	หลวงพ่อเงิน หล่อจอบหนองขุนทรี ปี ๒๕๑๕ เนื้อทองคำ พระไม่แท้
๑ องค์ นางสาวนมหรา เนื้อเงิน และ นายขจร เนื้อเงิน
๑ บาท (ณ วันที่ ๔ เมษายน ๒๕๖๑)
ทรัพย์สินรายการที่ ตามคำสั่งคณะกรรมการธุรกรรมที่ ย.๑๐๘/๒๕๖๑ ลงวันที่ ๒๒ มีนาคม ๒๕๖๑
๒๐๖	รูปหล่อหลวงพ่อคูณ หลังยันต์ เลี่ยมทอง
๑ องค์ นางสาวนมหรา เนื้อเงิน และ นายขจร เนื้อเงิน
๑ บาท (ณ วันที่ ๔ เมษายน ๒๕๖๑)
ทรัพย์สินรายการที่ ตามคำสั่งคณะกรรมการธุรกรรมที่ ย.๑๐๘/๒๕๖๑ ลงวันที่ ๒๒ มีนาคม ๒๕๖๑
๒๐๗	รูปหล่อหลวงพ่อคูณ หลังยันต์ เลี่ยมทอง
๑ องค์ นางสาวนมหรา เนื้อเงิน และ นายขจร เนื้อเงิน
๑ บาท (ณ วันที่ ๔ เมษายน ๒๕๖๑)
ทรัพย์สินรายการที่ ตามคำสั่งคณะกรรมการธุรกรรมที่ ย.๑๐๘/๒๕๖๑ ลงวันที่ ๒๒ มีนาคม ๒๕๖๑
๒๐๘	รูปหล่อหลวงพ่อคูณ หลังยันต์ เลี่ยมทอง
๑ องค์ นางสาวนมหรา เนื้อเงิน และ นายขจร เนื้อเงิน
๑ บาท (ณ วันที่ ๔ เมษายน ๒๕๖๑)
ทรัพย์สินรายการที่ ตามคำสั่งคณะกรรมการธุรกรรมที่ ย.๑๐๘/๒๕๖๑ ลงวันที่ ๒๒ มีนาคม ๒๕๖๑
๒๐๙	เนื้อผงหลวงพ่อเงิน วัดบางคลาน	๑ องค์ นางสาวนมหรา เนื้อเงิน และ นายขจร เนื้อเงิน
๑ บาท (ณ วันที่ ๔ เมษายน ๒๕๖๑)
ทรัพย์สินรายการที่ ตามคำสั่งคณะกรรมการธุรกรรมที่ ย.๑๐๘/๒๕๖๑ ลงวันที่ ๒๒ มีนาคม ๒๕๖๑
๒๑๐	ลูกอมผงพรายกุมาร หลวงปู่ทิม พระไม่แท้
๑ องค์ นางสาวนมหรา เนื้อเงิน และ นายขจร เนื้อเงิน
๑ บาท (ณ วันที่ ๔ เมษายน ๒๕๖๑)
ทรัพย์สินรายการที่ ตามคำสั่งคณะกรรมการธุรกรรมที่ ย.๑๐๘/๒๕๖๑ ลงวันที่ ๒๒ มีนาคม ๒๕๖๑
๒๑๑	พระเนื้อชินพิมพ์ซุ้มกอ พระไม่แท้	๑ องค์ นางสาวนมหรา เนื้อเงิน และ นายขจร เนื้อเงิน
๑ บาท (ณ วันที่ ๔ เมษายน ๒๕๖๑)
ทรัพย์สินรายการที่ ตามคำสั่งคณะกรรมการธุรกรรมที่ ย.๑๐๘/๒๕๖๑ ลงวันที่ ๒๒ มีนาคม ๒๕๖๑
๒๑๒	หลวงพ่อเงิน พิมพ์ขอบใหญ่	๑ องค์ นางสาวนมหรา เนื้อเงิน และ นายขจร เนื้อเงิน
๑ บาท (ณ วันที่ ๔ เมษายน ๒๕๖๑)
ทรัพย์สินรายการที่ ตามคำสั่งคณะกรรมการธุรกรรมที่ ย.๑๐๘/๒๕๖๑ ลงวันที่ ๒๒ มีนาคม ๒๕๖๑
๒๑๓	หลวงพ่อเงิน พิมพ์ขอบใหญ่	๑ องค์ นางสาวนมหรา เนื้อเงิน และ นายขจร เนื้อเงิน
๑ บาท (ณ วันที่ ๔ เมษายน ๒๕๖๑)
ทรัพย์สินรายการที่ ตามคำสั่งคณะกรรมการธุรกรรมที่ ย.๑๐๘/๒๕๖๑ ลงวันที่ ๒๒ มีนาคม ๒๕๖๑
๒๑๔	หลวงพ่อเงิน จอบเล็ก	๑ องค์ นางสาวนมหรา เนื้อเงิน และ นายขจร เนื้อเงิน
๑ บาท (ณ วันที่ ๔ เมษายน ๒๕๖๑)
ทรัพย์สินรายการที่ ตามคำสั่งคณะกรรมการธุรกรรมที่ ย.๑๐๘/๒๕๖๑ ลงวันที่ ๒๒ มีนาคม ๒๕๖๑
๒๑๕	ตะกรุดหลวงปู่นาค วัดระฆัง หนังหน้าผากเสือ เลี่ยมทอง ตะกรุดไม่แท้ ราคาหลอก
๑ องค์ นางสาวนมหรา เนื้อเงิน และ นายขจร เนื้อเงิน
๑ บาท (ณ วันที่ ๔ เมษายน ๒๕๖๑)
ทรัพย์สินรายการที่ ตามคำสั่งคณะกรรมการธุรกรรมที่ ย.๑๐๘/๒๕๖๑ ลงวันที่ ๒๒ มีนาคม ๒๕๖๑
๒๑๖	ปลัดขิกหลวงพ่อเปิ่น วัดบางพระ ไม่แท้
๑ องค์ นางสาวนมหรา เนื้อเงิน และ นายขจร เนื้อเงิน
๑ บาท (ณ วันที่ ๔ เมษายน ๒๕๖๑)
ทรัพย์สินรายการที่ ตามคำสั่งคณะกรรมการธุรกรรมที่ ย.๑๐๘/๒๕๖๑ ลงวันที่ ๒๒ มีนาคม ๒๕๖๑
๒๑๗	ตะกรุดไม้หลวงพ่อปี วัดสัตหีบ ไม่แท้ ๑ องค์ นางสาวนมหรา เนื้อเงิน และ นายขจร เนื้อเงิน
๑ บาท (ณ วันที่ ๔ เมษายน ๒๕๖๑)
ทรัพย์สินรายการที่ ตามคำสั่งคณะกรรมการธุรกรรมที่ ย.๑๐๘/๒๕๖๑ ลงวันที่ ๒๒ มีนาคม ๒๕๖๑
๒๑๘	ตะกรุดไม้หลวงพ่อปี วัดสัตหีบ ไม่แท้ ๑ องค์ นางสาวนมหรา เนื้อเงิน และ นายขจร เนื้อเงิน
๑ บาท (ณ วันที่ ๔ เมษายน ๒๕๖๑)
ทรัพย์สินรายการที่ ตามคำสั่งคณะกรรมการธุรกรรมที่ ย.๑๐๘/๒๕๖๑ ลงวันที่ ๒๒ มีนาคม ๒๕๖๑
๒๑๙	ตะกรุดผงจักรพรรดิ ไม่แท้	๑ องค์ นางสาวนมหรา เนื้อเงิน และ นายขจร เนื้อเงิน
๑ บาท (ณ วันที่ ๔ เมษายน ๒๕๖๑)
ทรัพย์สินรายการที่ ตามคำสั่งคณะกรรมการธุรกรรมที่ ย.๑๐๘/๒๕๖๑ ลงวันที่ ๒๒ มีนาคม ๒๕๖๑
๒๒๐	ตะกรุดผงจักรพรรดิ ไม่แท้	๑ องค์ นางสาวนมหรา เนื้อเงิน และ นายขจร เนื้อเงิน
๑ บาท (ณ วันที่ ๔ เมษายน ๒๕๖๑)
ทรัพย์สินรายการที่ ตามคำสั่งคณะกรรมการธุรกรรมที่ ย.๑๐๘/๒๕๖๑ ลงวันที่ ๒๒ มีนาคม ๒๕๖๑
๒๒๑	ตะกรุดผงจักรพรรดิ ไม่แท้	๑ องค์ นางสาวนมหรา เนื้อเงิน และ นายขจร เนื้อเงิน
๑ บาท (ณ วันที่ ๔ เมษายน ๒๕๖๑)
ทรัพย์สินรายการที่ ตามคำสั่งคณะกรรมการธุรกรรมที่ ย.๑๐๘/๒๕๖๑ ลงวันที่ ๒๒ มีนาคม ๒๕๖๑
๒๒๒	ตะกรุดผงจักรพรรดิ ไม่แท้	๑ องค์ นางสาวนมหรา เนื้อเงิน และ นายขจร เนื้อเงิน
๑ บาท (ณ วันที่ ๔ เมษายน ๒๕๖๑)
ทรัพย์สินรายการที่ ตามคำสั่งคณะกรรมการธุรกรรมที่ ย.๑๐๘/๒๕๖๑ ลงวันที่ ๒๒ มีนาคม ๒๕๖๑
